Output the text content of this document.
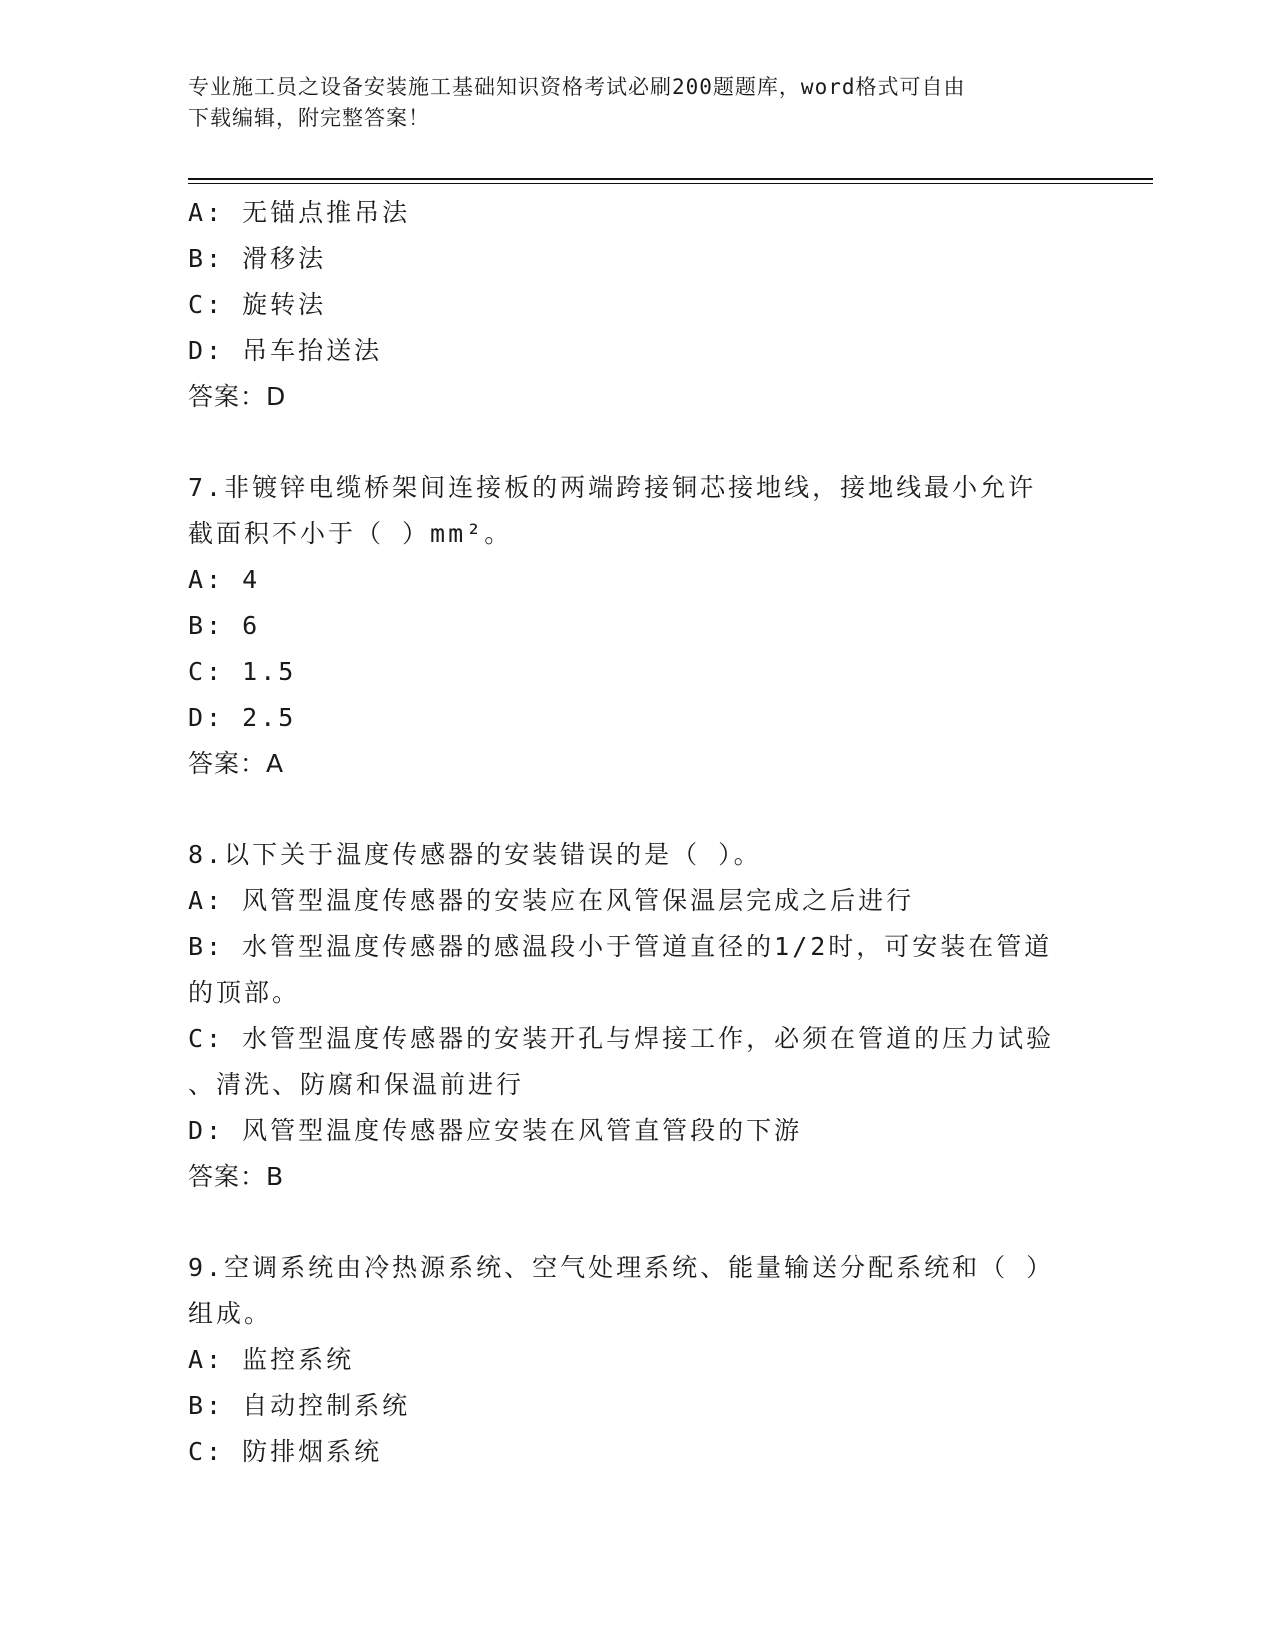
专业施工员之设备安装施工基础知识资格考试必刷200题题库，word格式可自由
下载编辑，附完整答案！
A: 无锚点推吊法
B: 滑移法
C: 旋转法
D: 吊车抬送法
答案：D
7.非镀锌电缆桥架间连接板的两端跨接铜芯接地线，接地线最小允许
截面积不小于（ ）mm²。
A: 4
B: 6
C: 1.5
D: 2.5
答案：A
8.以下关于温度传感器的安装错误的是（ ）。
A: 风管型温度传感器的安装应在风管保温层完成之后进行
B: 水管型温度传感器的感温段小于管道直径的1/2时，可安装在管道
的顶部。
C: 水管型温度传感器的安装开孔与焊接工作，必须在管道的压力试验
、清洗、防腐和保温前进行
D: 风管型温度传感器应安装在风管直管段的下游
答案：B
9.空调系统由冷热源系统、空气处理系统、能量输送分配系统和（ ）
组成。
A: 监控系统
B: 自动控制系统
C: 防排烟系统
